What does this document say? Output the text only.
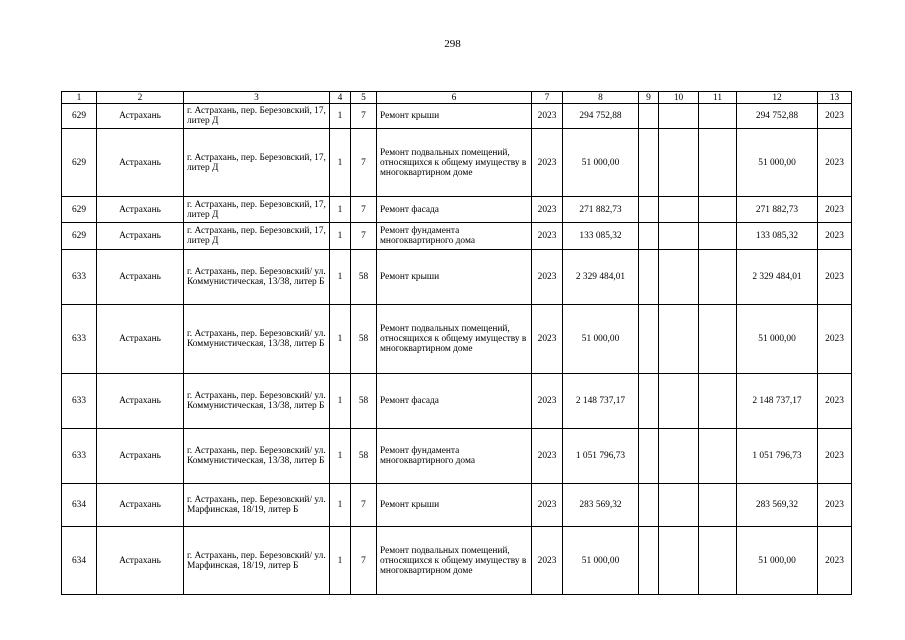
298
1	2	3	4	5	6	7	8	9	10	11	12	13
629	Астрахань	г. Астрахань, пер. Березовский, 17, литер Д	1	7	Ремонт крыши	2023	294 752,88				294 752,88	2023
629	Астрахань	г. Астрахань, пер. Березовский, 17, литер Д	1	7	Ремонт подвальных помещений, относящихся к общему имуществу в многоквартирном доме	2023	51 000,00				51 000,00	2023
629	Астрахань	г. Астрахань, пер. Березовский, 17, литер Д	1	7	Ремонт фасада	2023	271 882,73				271 882,73	2023
629	Астрахань	г. Астрахань, пер. Березовский, 17, литер Д	1	7	Ремонт фундамента многоквартирного дома	2023	133 085,32				133 085,32	2023
633	Астрахань	г. Астрахань, пер. Березовский/ ул. Коммунистическая, 13/38, литер Б	1	58	Ремонт крыши	2023	2 329 484,01				2 329 484,01	2023
633	Астрахань	г. Астрахань, пер. Березовский/ ул. Коммунистическая, 13/38, литер Б	1	58	Ремонт подвальных помещений, относящихся к общему имуществу в многоквартирном доме	2023	51 000,00				51 000,00	2023
633	Астрахань	г. Астрахань, пер. Березовский/ ул. Коммунистическая, 13/38, литер Б	1	58	Ремонт фасада	2023	2 148 737,17				2 148 737,17	2023
633	Астрахань	г. Астрахань, пер. Березовский/ ул. Коммунистическая, 13/38, литер Б	1	58	Ремонт фундамента многоквартирного дома	2023	1 051 796,73				1 051 796,73	2023
634	Астрахань	г. Астрахань, пер. Березовский/ ул. Марфинская, 18/19, литер Б	1	7	Ремонт крыши	2023	283 569,32				283 569,32	2023
634	Астрахань	г. Астрахань, пер. Березовский/ ул. Марфинская, 18/19, литер Б	1	7	Ремонт подвальных помещений, относящихся к общему имуществу в многоквартирном доме	2023	51 000,00				51 000,00	2023
